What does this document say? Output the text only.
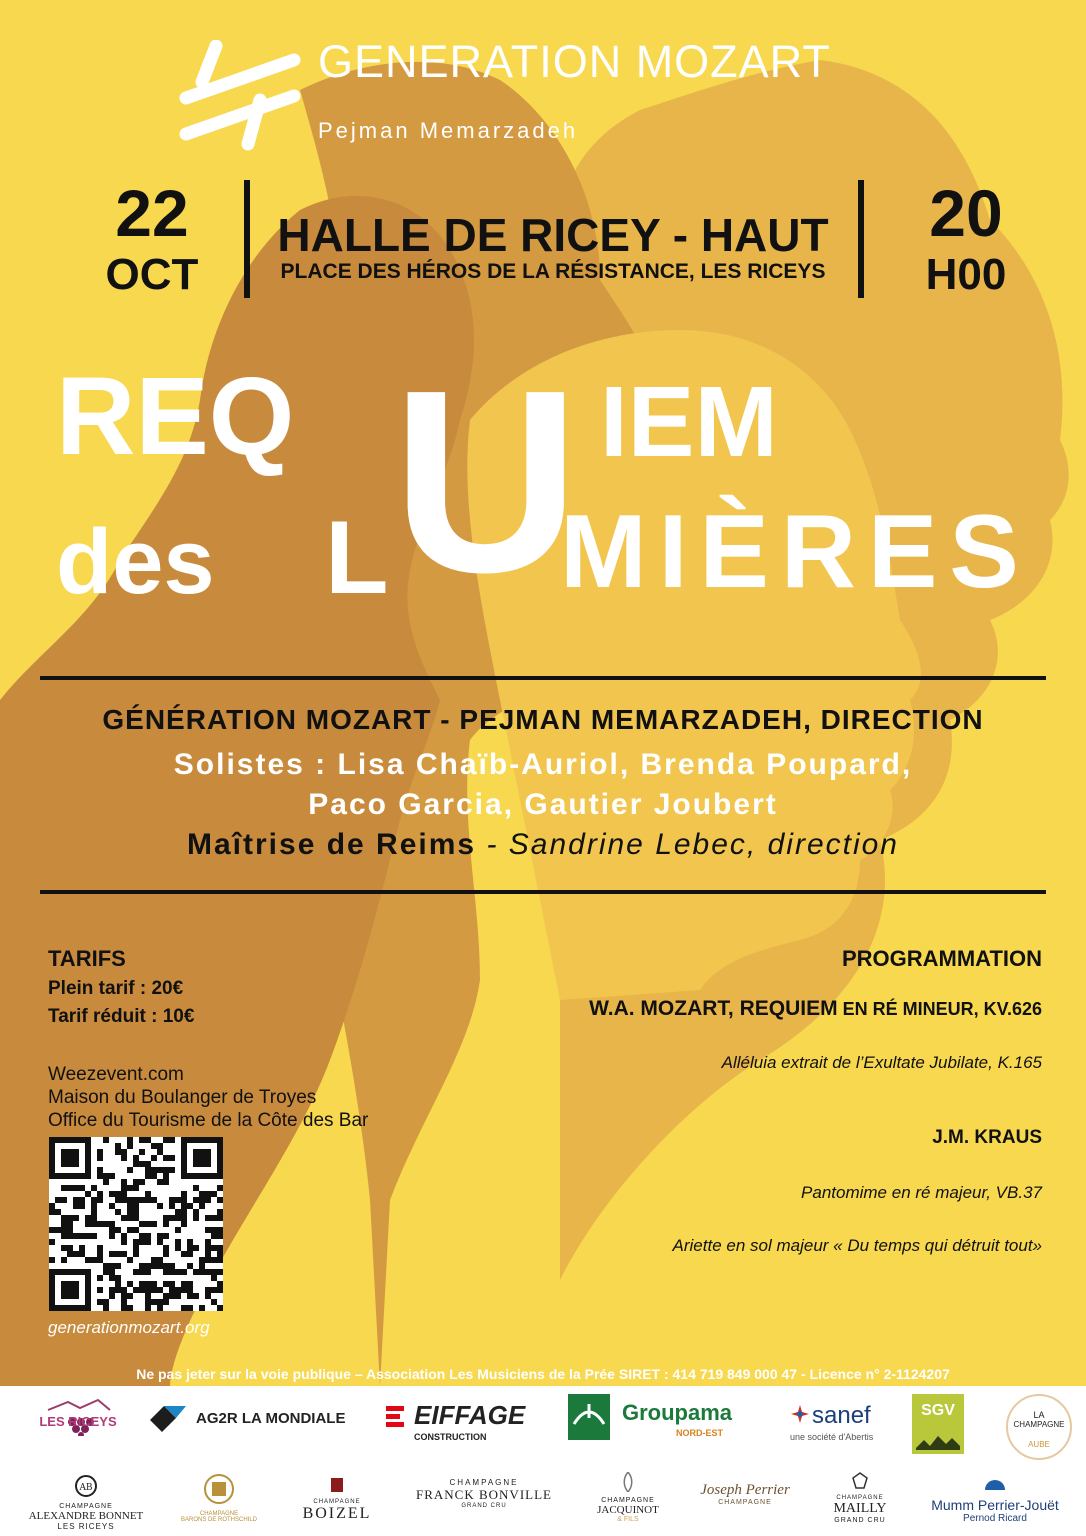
GENERATION MOZART
Pejman Memarzadeh
22
OCT
HALLE DE RICEY - HAUT
PLACE DES HÉROS DE LA RÉSISTANCE, LES RICEYS
20
H00
REQ U IEM
des L MIÈRES
GÉNÉRATION MOZART - PEJMAN MEMARZADEH, DIRECTION
Solistes : Lisa Chaïb-Auriol, Brenda Poupard,
Paco Garcia, Gautier Joubert
Maîtrise de Reims - Sandrine Lebec, direction
TARIFS
Plein tarif : 20€
Tarif réduit : 10€
Weezevent.com
Maison du Boulanger de Troyes
Office du Tourisme de la Côte des Bar
generationmozart.org
PROGRAMMATION
W.A. MOZART, REQUIEM EN RÉ MINEUR, KV.626
Alléluia extrait de l’Exultate Jubilate, K.165
J.M. KRAUS
Pantomime en ré majeur, VB.37
Ariette en sol majeur « Du temps qui détruit tout»
Ne pas jeter sur la voie publique – Association Les Musiciens de la Prée SIRET : 414 719 849 000 47 - Licence n° 2-1124207
LES RICEYS	AG2R LA MONDIALE	EIFFAGE
CONSTRUCTION
Groupama
NORD-EST
sanef
une société d'Abertis
SGV	LA
CHAMPAGNE
AUBE
AB
CHAMPAGNE
ALEXANDRE BONNET
LES RICEYS
CHAMPAGNE
BARONS DE ROTHSCHILD
CHAMPAGNE
BOIZEL
CHAMPAGNE
FRANCK BONVILLE
GRAND CRU
CHAMPAGNE
JACQUINOT
& FILS
Joseph Perrier
CHAMPAGNE
CHAMPAGNE
MAILLY
GRAND CRU
Mumm Perrier-Jouët
Pernod Ricard
